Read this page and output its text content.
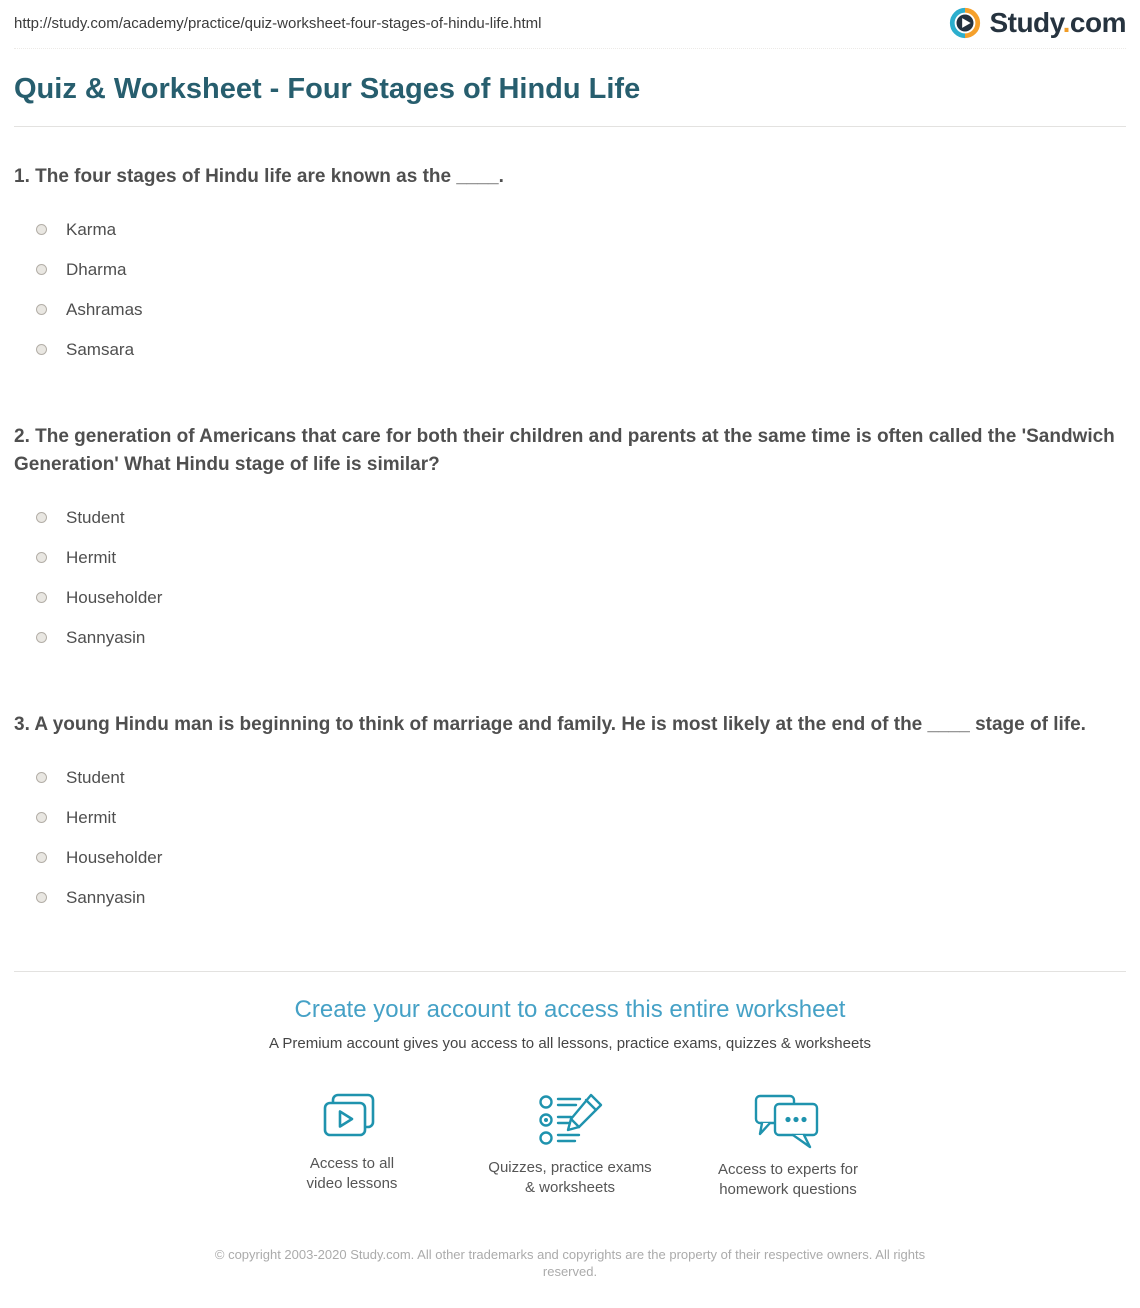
http://study.com/academy/practice/quiz-worksheet-four-stages-of-hindu-life.html	Study.com
Quiz & Worksheet - Four Stages of Hindu Life

1. The four stages of Hindu life are known as the ____.

Karma
Dharma
Ashramas
Samsara

2. The generation of Americans that care for both their children and parents at the same time is often called the 'Sandwich Generation' What Hindu stage of life is similar?

Student
Hermit
Householder
Sannyasin

3. A young Hindu man is beginning to think of marriage and family. He is most likely at the end of the ____ stage of life.

Student
Hermit
Householder
Sannyasin
Create your account to access this entire worksheet

A Premium account gives you access to all lessons, practice exams, quizzes & worksheets

Access to all
video lessons
Quizzes, practice exams
& worksheets
Access to experts for
homework questions
© copyright 2003-2020 Study.com. All other trademarks and copyrights are the property of their respective owners. All rights reserved.
